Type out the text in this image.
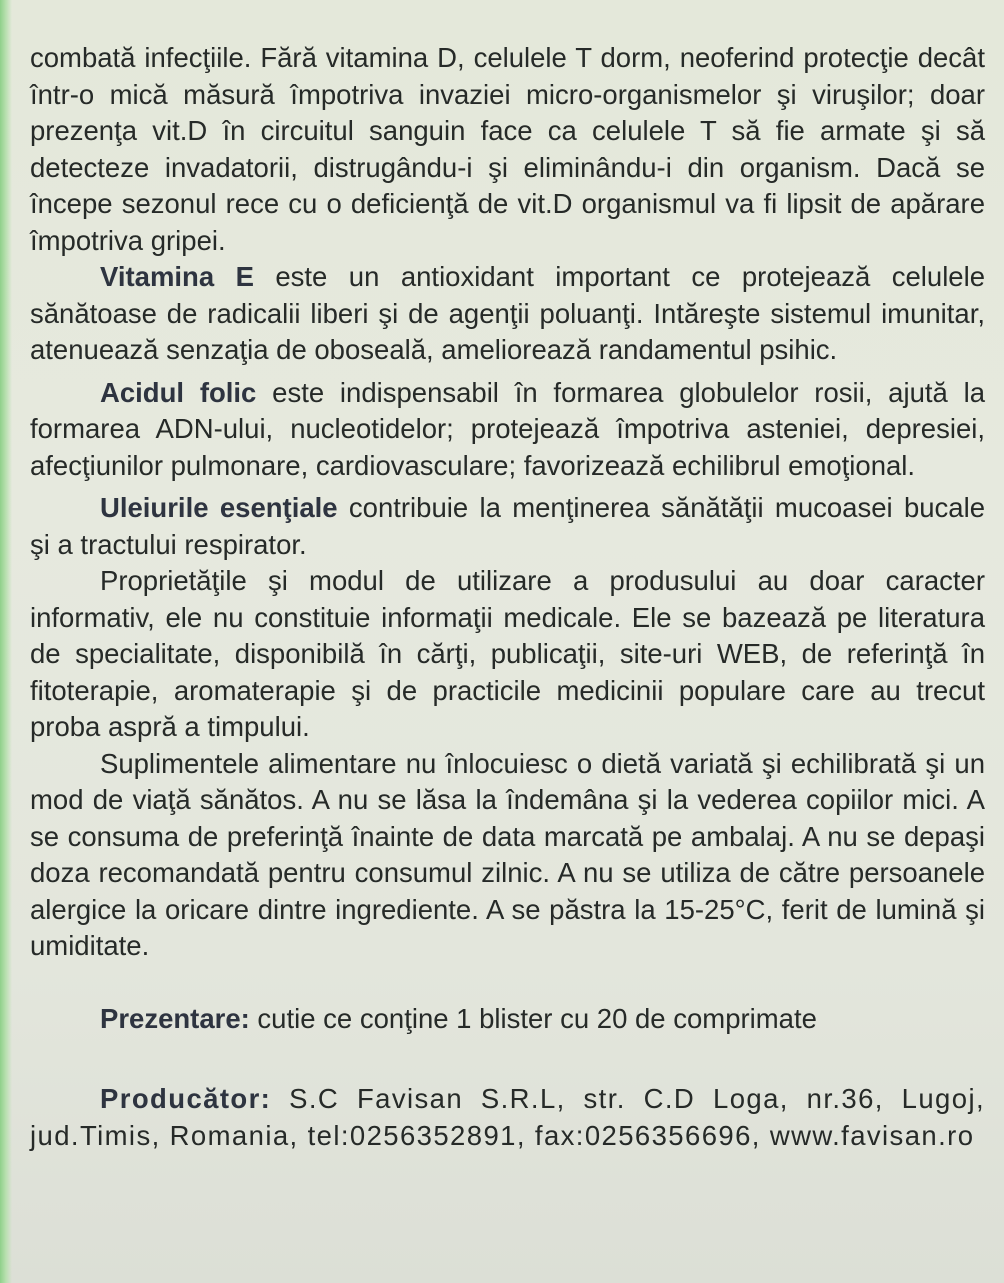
combată infecţiile. Fără vitamina D, celulele T dorm, neoferind protecţie decât într-o mică măsură împotriva invaziei micro-organismelor şi viruşilor; doar prezenţa vit.D în circuitul sanguin face ca celulele T să fie armate şi să detecteze invadatorii, distrugându-i şi eliminându-i din organism. Dacă se începe sezonul rece cu o deficienţă de vit.D organismul va fi lipsit de apărare împotriva gripei.

Vitamina E este un antioxidant important ce protejează celulele sănătoase de radicalii liberi şi de agenţii poluanţi. Intăreşte sistemul imunitar, atenuează senzaţia de oboseală, ameliorează randamentul psihic.

Acidul folic este indispensabil în formarea globulelor rosii, ajută la formarea ADN-ului, nucleotidelor; protejează împotriva asteniei, depresiei, afecţiunilor pulmonare, cardiovasculare; favorizează echilibrul emoţional.

Uleiurile esenţiale contribuie la menţinerea sănătăţii mucoasei bucale şi a tractului respirator.

Proprietăţile şi modul de utilizare a produsului au doar caracter informativ, ele nu constituie informaţii medicale. Ele se bazează pe literatura de specialitate, disponibilă în cărţi, publicaţii, site-uri WEB, de referinţă în fitoterapie, aromaterapie şi de practicile medicinii populare care au trecut proba aspră a timpului.

Suplimentele alimentare nu înlocuiesc o dietă variată şi echilibrată şi un mod de viaţă sănătos. A nu se lăsa la îndemâna şi la vederea copiilor mici. A se consuma de preferinţă înainte de data marcată pe ambalaj. A nu se depaşi doza recomandată pentru consumul zilnic. A nu se utiliza de către persoanele alergice la oricare dintre ingrediente. A se păstra la 15-25°C, ferit de lumină şi umiditate.

Prezentare: cutie ce conţine 1 blister cu 20 de comprimate

Producător: S.C Favisan S.R.L, str. C.D Loga, nr.36, Lugoj, jud.Timis, Romania, tel:0256352891, fax:0256356696, www.favisan.ro
